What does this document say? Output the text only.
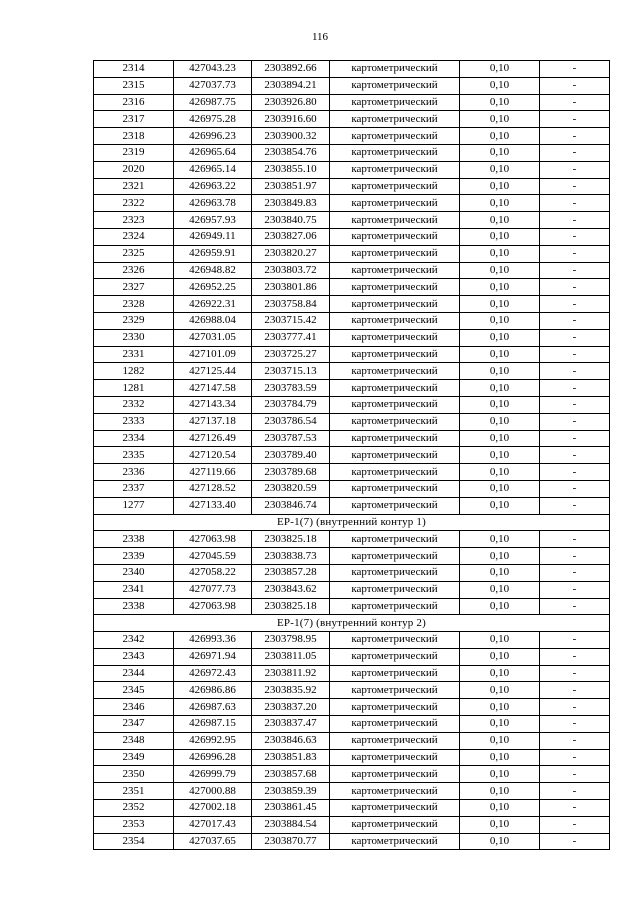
116
2314	427043.23	2303892.66	картометрический	0,10	-
2315	427037.73	2303894.21	картометрический	0,10	-
2316	426987.75	2303926.80	картометрический	0,10	-
2317	426975.28	2303916.60	картометрический	0,10	-
2318	426996.23	2303900.32	картометрический	0,10	-
2319	426965.64	2303854.76	картометрический	0,10	-
2020	426965.14	2303855.10	картометрический	0,10	-
2321	426963.22	2303851.97	картометрический	0,10	-
2322	426963.78	2303849.83	картометрический	0,10	-
2323	426957.93	2303840.75	картометрический	0,10	-
2324	426949.11	2303827.06	картометрический	0,10	-
2325	426959.91	2303820.27	картометрический	0,10	-
2326	426948.82	2303803.72	картометрический	0,10	-
2327	426952.25	2303801.86	картометрический	0,10	-
2328	426922.31	2303758.84	картометрический	0,10	-
2329	426988.04	2303715.42	картометрический	0,10	-
2330	427031.05	2303777.41	картометрический	0,10	-
2331	427101.09	2303725.27	картометрический	0,10	-
1282	427125.44	2303715.13	картометрический	0,10	-
1281	427147.58	2303783.59	картометрический	0,10	-
2332	427143.34	2303784.79	картометрический	0,10	-
2333	427137.18	2303786.54	картометрический	0,10	-
2334	427126.49	2303787.53	картометрический	0,10	-
2335	427120.54	2303789.40	картометрический	0,10	-
2336	427119.66	2303789.68	картометрический	0,10	-
2337	427128.52	2303820.59	картометрический	0,10	-
1277	427133.40	2303846.74	картометрический	0,10	-
ЕР-1(7) (внутренний контур 1)					
2338	427063.98	2303825.18	картометрический	0,10	-
2339	427045.59	2303838.73	картометрический	0,10	-
2340	427058.22	2303857.28	картометрический	0,10	-
2341	427077.73	2303843.62	картометрический	0,10	-
2338	427063.98	2303825.18	картометрический	0,10	-
ЕР-1(7) (внутренний контур 2)					
2342	426993.36	2303798.95	картометрический	0,10	-
2343	426971.94	2303811.05	картометрический	0,10	-
2344	426972.43	2303811.92	картометрический	0,10	-
2345	426986.86	2303835.92	картометрический	0,10	-
2346	426987.63	2303837.20	картометрический	0,10	-
2347	426987.15	2303837.47	картометрический	0,10	-
2348	426992.95	2303846.63	картометрический	0,10	-
2349	426996.28	2303851.83	картометрический	0,10	-
2350	426999.79	2303857.68	картометрический	0,10	-
2351	427000.88	2303859.39	картометрический	0,10	-
2352	427002.18	2303861.45	картометрический	0,10	-
2353	427017.43	2303884.54	картометрический	0,10	-
2354	427037.65	2303870.77	картометрический	0,10	-
